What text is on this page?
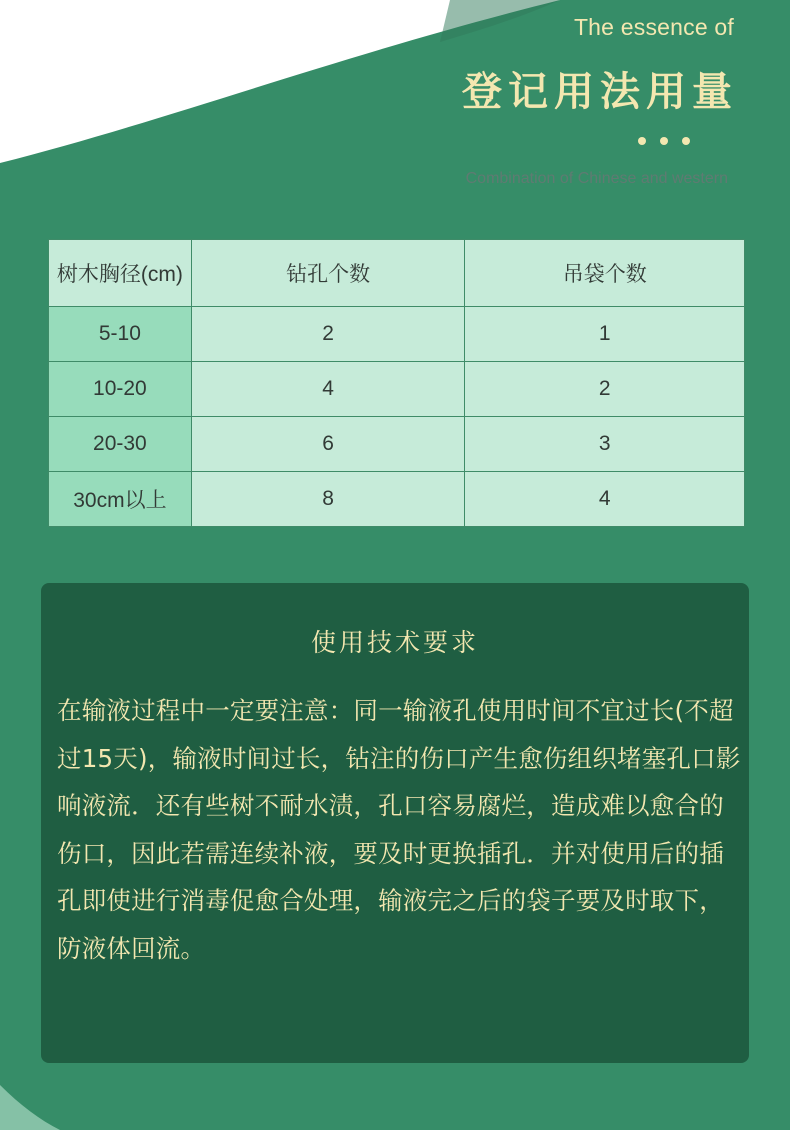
The essence of
登记用法用量
Combination of Chinese and western
树木胸径(cm)	钻孔个数	吊袋个数
5-10	2	1
10-20	4	2
20-30	6	3
30cm以上	8	4
使用技术要求
在输液过程中一定要注意：同一输液孔使用时间不宜过长(不超过15天)，输液时间过长，钻注的伤口产生愈伤组织堵塞孔口影响液流．还有些树不耐水渍，孔口容易腐烂，造成难以愈合的伤口，因此若需连续补液，要及时更换插孔．并对使用后的插孔即使进行消毒促愈合处理，输液完之后的袋子要及时取下，防液体回流。
